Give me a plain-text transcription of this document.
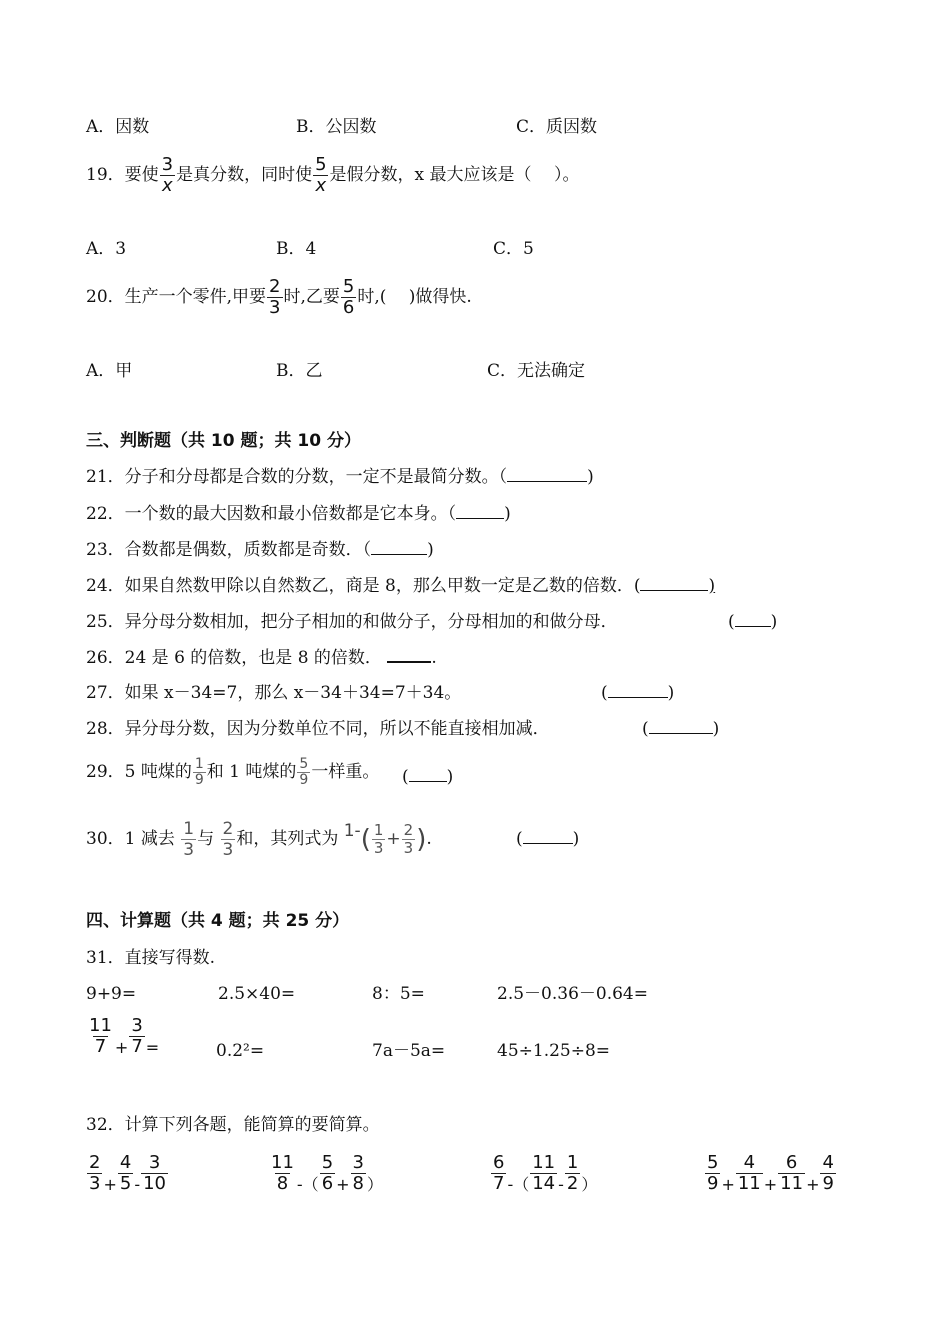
A．因数	B．公因数	C．质因数
19．要使 $\frac{3}{x}$ 是真分数，同时使 $\frac{5}{x}$ 是假分数，x 最大应该是（　 ）。
A．3	B．4	C．5
20．生产一个零件,甲要 $\frac{2}{3}$ 时,乙要 $\frac{5}{6}$ 时,(　 )做得快.
A．甲	B．乙	C．无法确定
三、判断题（共 10 题；共 10 分）
21．分子和分母都是合数的分数，一定不是最简分数。（	)
22．一个数的最大因数和最小倍数都是它本身。（	)
23．合数都是偶数，质数都是奇数．（	)
24．如果自然数甲除以自然数乙，商是 8，那么甲数一定是乙数的倍数．(	)
25．异分母分数相加，把分子相加的和做分子，分母相加的和做分母．	( )
26．24 是 6 的倍数，也是 8 的倍数．	.
27．如果 x－34=7，那么 x－34＋34=7＋34。	(	)
28．异分母分数，因为分数单位不同，所以不能直接相加减．	(	)
29．5 吨煤的 $\frac{1}{9}$ 和 1 吨煤的 $\frac{5}{9}$ 一样重。 ( )
30．1 减去 $\frac{1}{3}$ 与 $\frac{2}{3}$ 和，其列式为 $1-( \frac{1}{3} + \frac{2}{3}$ ).	(	)
四、计算题（共 4 题；共 25 分）
31．直接写得数.
9+9=	2.5×40=	8：5=	2.5－0.36－0.64=
$\frac{11}{7} + \frac{3}{7}$ =	0.2²=	7a－5a=	45÷1.25÷8=
32．计算下列各题，能简算的要简算。
$\frac{2}{3} + \frac{4}{5} - \frac{3}{10}$	$\frac{11}{8}$ -（ $\frac{5}{6} + \frac{3}{8}$ ）	$\frac{6}{7}$ -（ $\frac{11}{14} - \frac{1}{2}$ ）	$\frac{5}{9} + \frac{4}{11} + \frac{6}{11} + \frac{4}{9}$
